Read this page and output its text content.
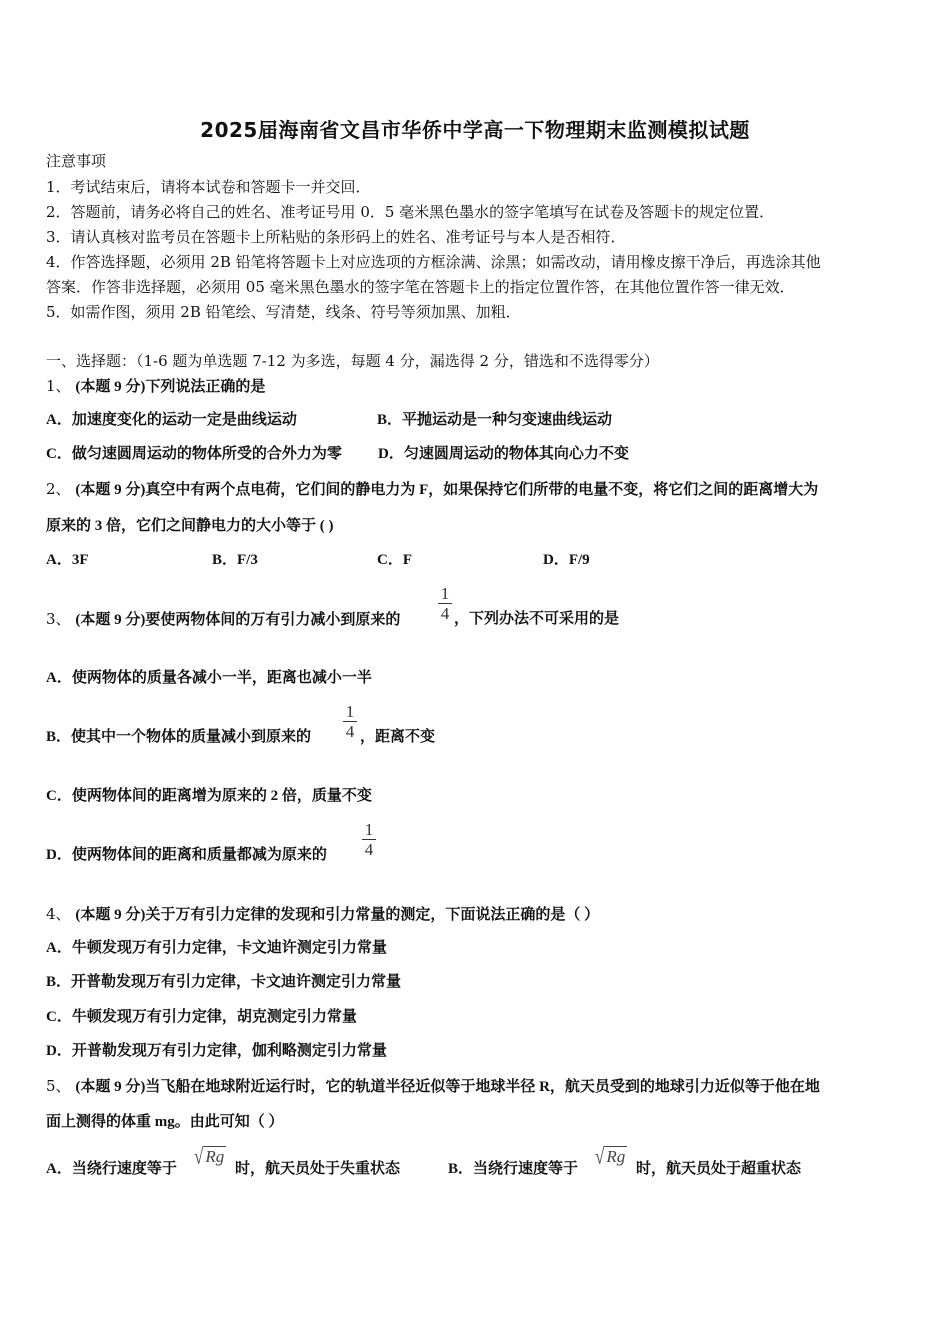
2025届海南省文昌市华侨中学高一下物理期末监测模拟试题
注意事项
1．考试结束后，请将本试卷和答题卡一并交回．
2．答题前，请务必将自己的姓名、准考证号用 0．5 毫米黑色墨水的签字笔填写在试卷及答题卡的规定位置．
3．请认真核对监考员在答题卡上所粘贴的条形码上的姓名、准考证号与本人是否相符．
4．作答选择题，必须用 2B 铅笔将答题卡上对应选项的方框涂满、涂黑；如需改动，请用橡皮擦干净后，再选涂其他
答案．作答非选择题，必须用 05 毫米黑色墨水的签字笔在答题卡上的指定位置作答，在其他位置作答一律无效．
5．如需作图，须用 2B 铅笔绘、写清楚，线条、符号等须加黑、加粗．
一、选择题：（1-6 题为单选题 7-12 为多选，每题 4 分，漏选得 2 分，错选和不选得零分）
1、 (本题 9 分)下列说法正确的是
A．加速度变化的运动一定是曲线运动	B．平抛运动是一种匀变速曲线运动
C．做匀速圆周运动的物体所受的合外力为零 D．匀速圆周运动的物体其向心力不变
2、 (本题 9 分)真空中有两个点电荷，它们间的静电力为 F，如果保持它们所带的电量不变，将它们之间的距离增大为
原来的 3 倍，它们之间静电力的大小等于 ( )
A．3F	B．F/3	C．F	D．F/9
3、 (本题 9 分)要使两物体间的万有引力减小到原来的
1
4 ，下列办法不可采用的是
A．使两物体的质量各减小一半，距离也减小一半
B．使其中一个物体的质量减小到原来的
1
4 ，距离不变
C．使两物体间的距离增为原来的 2 倍，质量不变
D．使两物体间的距离和质量都减为原来的
1
4
4、 (本题 9 分)关于万有引力定律的发现和引力常量的测定，下面说法正确的是（ ）
A．牛顿发现万有引力定律，卡文迪许测定引力常量
B．开普勒发现万有引力定律，卡文迪许测定引力常量
C．牛顿发现万有引力定律，胡克测定引力常量
D．开普勒发现万有引力定律，伽利略测定引力常量
5、 (本题 9 分)当飞船在地球附近运行时，它的轨道半径近似等于地球半径 R，航天员受到的地球引力近似等于他在地
面上测得的体重 mg。由此可知（ ）
A．当绕行速度等于
√ Rg
时，航天员处于失重状态	B．当绕行速度等于
√ Rg
时，航天员处于超重状态
